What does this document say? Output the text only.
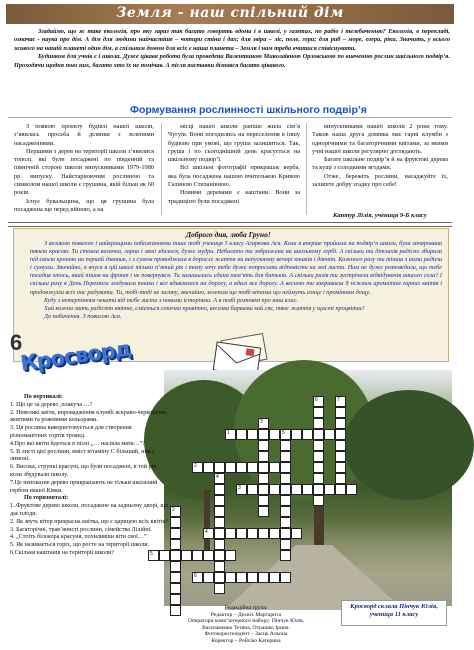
Земля - наш спільний дім

Згадаймо, що ж таке екологія, про яку зараз так багато говорять вдома і в школі, у газетах, по радіо і телебаченню? Екологія, в перекладі, означає - наука про дім. А дім для людини найчастіше – чотири стіни і дах; для звіра – ліс, поле, гори; для риб – море, озера, ріки. Значить, у всього живого на нашій планеті один дім, а спільним домом для всіх є наша планета – Земля і нам треба вчитися співіснувати.

Будинком для учнів є і школа. Дуже цікава робота була проведена Валентиною Миколаївною Орловською по вивченню рослин шкільного подвір’я. Проходячи щодня повз них, багато хто їх не помічав. А після виставки дізнався багато цікавого.

Формування рослинності шкільного подвір’я

З появою проекту будівлі нашої школи, з’явилась просьба й ділянки з зеленими насадженнями.

Першими з дерев на території школи з’явилися тополі, які були посаджені по південній та північній стороні школи випускниками 1979-1980 рр. випуску. Найстаріюючим рослиною та символом нашої школи є грушина, якій більш як 60 років.

Існує бувальщина, що ця грушина була посаджена ще перед війною, а на

місці нашої школи раніше жила сім’я Чугуїв. Вони погодились на переселення в іншу будівлю при умові, що груша залишиться. Так, груша і по сьогоднішній день красується на шкільному подвір’ї.

Всі шкільні фотографії прикрашає верба, яка була посаджена нашою вчителькою Кривою Галиною Степанівною.

Новими деревами є каштани. Вони за традицією були посаджені

випускниками нашої школи 2 роки тому. Також наша друга домівка має гарні клумби з однорічними та багаторічними квітами, за якими учні нашої школи регулярно доглядають.

Багате шкільне подвір’я й на фруктові дерева та кущі з солодкими ягодами.

Отже, бережіть рослини, насаджуйте їх, залиште добру згадку про себе!

Кантур Лілія, учениця 9-Б класу
Доброго дня, люба Груно!

З великою повагою і найкращими побажаннями пише тобі учениця 5 класу Агаркова Ася. Коли я вперше прийшла на подвір’я школи, була зачарована твоєю красою. Ти стояла велична, гарна і мені здалося, дуже мудра. Небагато ти зображена на шкільному гербі. А скільки ти дітлахів радісно збирала під своєю кроною на першій дзвоник, і з сумом проводжала в доросле життя на випускному вечорі юнаків і дівчат. Кожного разу ти тіниш з нами радієш і сумуєш. Звичайно, я вчуся в цій школі тільки п’ятий рік і тому хочу тебе дуже попросити відповісти на мої листи. Нам не дуже розповідали, що тебе посадив хтось, який пішов на фронт і не повернувся. Ти залишилась єдина пам’ять для батьків. А скільки разів ти зустрічала відвідувачів нашого села? І скільки разу в День Перемоги згадувала юнака і все вдивлялася на дорогу, а вдалі все дорогу. А весною ти закриваєш її ніжним ароматом гарних квітів і продовжуєш всіх нас радувати. Ти, тобі-тоді не загину, звичайно, зеленим ще тобі вітами що неймуть сонце і промінням дощу.

Буду з нетерпінням чекати від тебе листа з новими історіями. А я тобі розповім про наш клас.

Хай кожна мить радістю квітне, сміється сонечко привітно, веселка барвами хай сяє, твоє життя у щасті процвітає!

До побачення. З повагою Ася.

6
Кросворд
6	7
3
1	5
2
4
3
2
4
5
6

По вертикалі:

1. Що це за дерево ,плакуча …?

2. Невеликі квіти, впровадження клумбі яскраво-червоними, жовтими та рожевими кольорами.

3. Ця рослина використовується для створення різноманітних сортів троянд.

4.Про які квіти йдеться в пісні „… насіяла мати…”?

5. В листі цієї рослини, вміст вітаміну С більший, ніж у лимоні.

6. Висока, стрункі красуні, що були посаджені, в той рік, коли збудували школу.

7.Це непоказне дерево прикрашають не тільки шкільний гербом нашої Ківки.

По горизонталі:

1..Фруктове дерево школи, посаджене на задньому дворі, що дає плоди.

2. Як звуть вітер прекрасна квітка, що є царицею всіх квітів?

3. Багаторічні, трав’янисті рослини, сімейства Лілійні.

4. „Стоїть білокора красуня, похиливши віти свої…”

5. Як називається горіх, що росте на території школи.

6.Скільки каштанів на території школи?

Редакційна група:

Редактор – Дехвіх Маргарита

Оператори комп’ютерного набору: Пінчук Юлія,

Васильченко Тетяна, Отрашко Ірина.

Фотокореспондент – Заєць Альона

Коректор – Ройсіко Катерина

Кросворд склала Пінчук Юлія, учениця 11 класу
